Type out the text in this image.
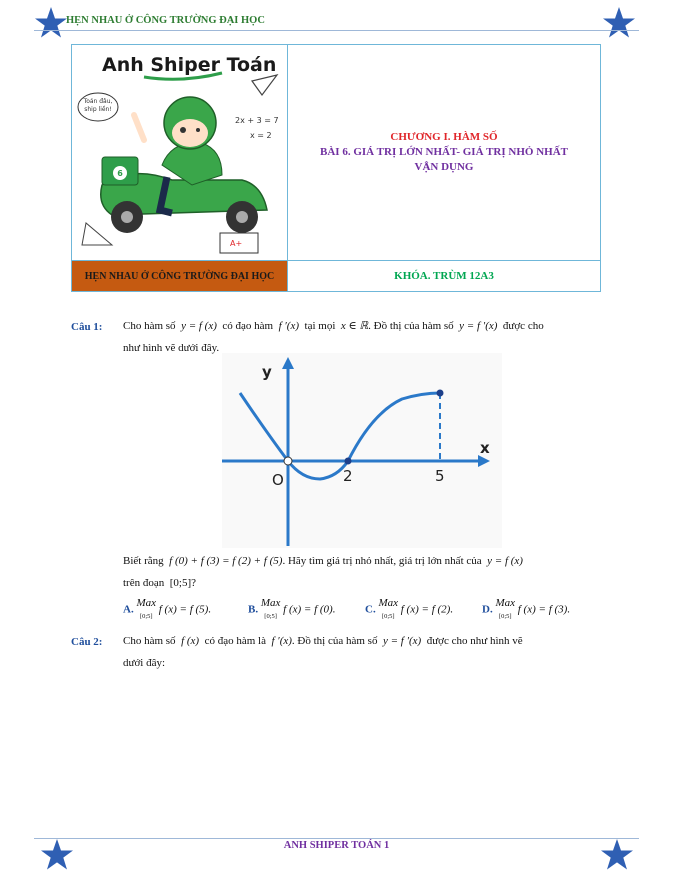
HẸN NHAU Ở CÔNG TRƯỜNG ĐẠI HỌC
Anh Shiper Toán
Toán đâu,
ship liền!
2x + 3 = 7
x = 2
6
A+
CHƯƠNG I. HÀM SỐ
BÀI 6. GIÁ TRỊ LỚN NHẤT- GIÁ TRỊ NHỎ NHẤT
VẬN DỤNG
HẸN NHAU Ở CÔNG TRƯỜNG ĐẠI HỌC	KHÓA. TRÙM 12A3
Câu 1: Cho hàm số y = f (x) có đạo hàm f ′(x) tại mọi x ∈ ℝ. Đồ thị của hàm số y = f ′(x) được cho
như hình vẽ dưới đây.
y
x
O	2	5
Biết rằng f (0) + f (3) = f (2) + f (5). Hãy tìm giá trị nhỏ nhất, giá trị lớn nhất của y = f (x)
trên đoạn [0;5]?
A. Max
$_{[0;5]}$ f (x) = f (5).	B. Max
$_{[0;5]}$ f (x) = f (0).	C. Max
$_{[0;5]}$ f (x) = f (2).	D. Max
$_{[0;5]}$ f (x) = f (3).
Câu 2: Cho hàm số f (x) có đạo hàm là f ′(x). Đồ thị của hàm số y = f ′(x) được cho như hình vẽ
dưới đây:
ANH SHIPER TOÁN 1
